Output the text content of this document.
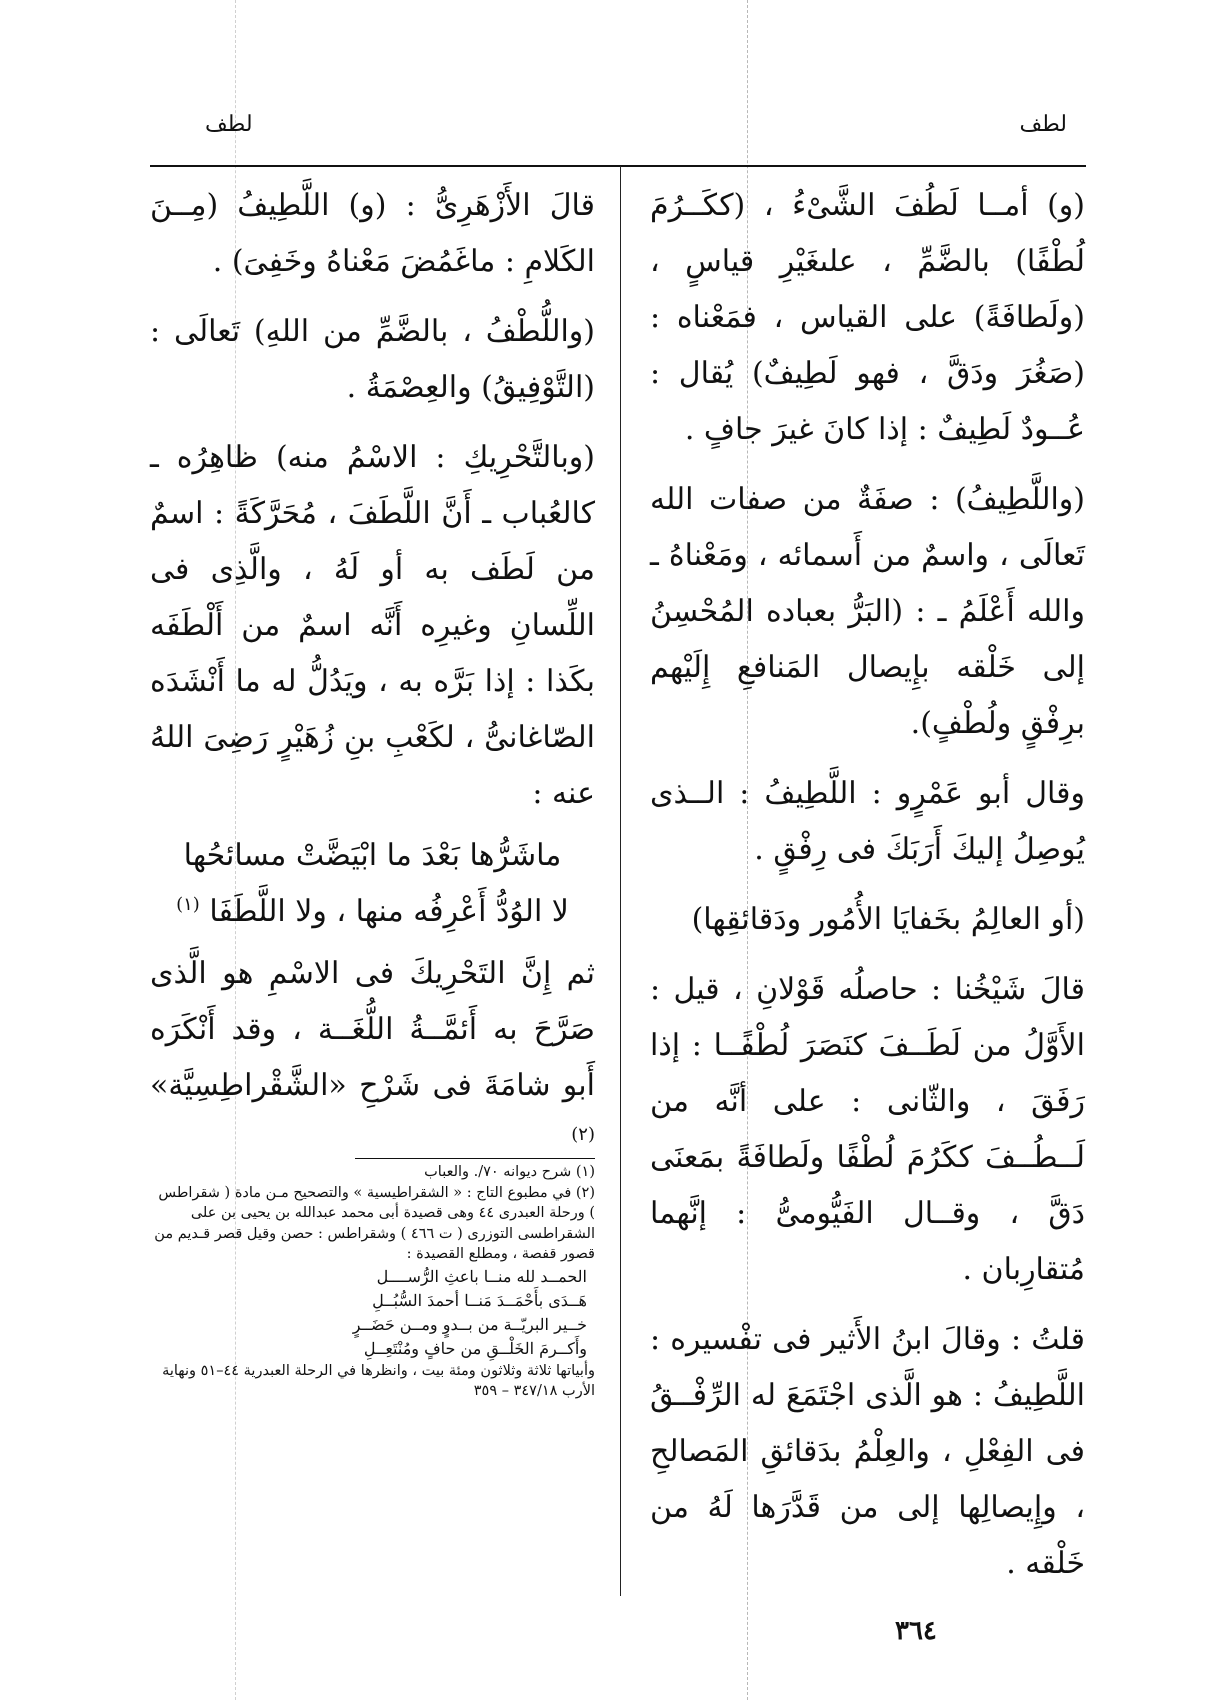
لطف
لطف

(و) أمــا لَطُفَ الشَّىْءُ ، (ككَــرُمَ لُطْفًا) بالضَّمِّ ، علىغَيْرِ قياسٍ ، (ولَطافَةً) على القياس ، فمَعْناه : (صَغُرَ ودَقَّ ، فهو لَطِيفٌ) يُقال : عُــودٌ لَطِيفٌ : إذا كانَ غيرَ جافٍ .

(واللَّطِيفُ) : صفَةٌ من صفات الله تَعالَى ، واسمٌ من أَسمائه ، ومَعْناهُ ـ والله أَعْلَمُ ـ : (البَرُّ بعباده المُحْسِنُ إلى خَلْقه بإِيصال المَنافعِ إِلَيْهم برِفْقٍ ولُطْفٍ).

وقال أبو عَمْرٍو : اللَّطِيفُ : الــذى يُوصِلُ إليكَ أَرَبَكَ فى رِفْقٍ .

(أو العالِمُ بخَفايَا الأُمُور ودَقائقِها)

قالَ شَيْخُنا : حاصلُه قَوْلانِ ، قيل : الأَوَّلُ من لَطَــفَ كنَصَرَ لُطْفًــا : إذا رَفَقَ ، والثّانى : على أنَّه من لَــطُــفَ ككَرُمَ لُطْفًا ولَطافَةً بمَعنَى دَقَّ ، وقــال الفَيُّومىُّ : إنَّهما مُتقارِبان .

قلتُ : وقالَ ابنُ الأَثير فى تفْسيره : اللَّطِيفُ : هو الَّذى اجْتَمَعَ له الرِّفْــقُ فى الفِعْلِ ، والعِلْمُ بدَقائقِ المَصالحِ ، وإِيصالِها إلى من قَدَّرَها لَهُ من خَلْقه .

قالَ الأَزْهَرِىُّ : (و) اللَّطِيفُ (مِــنَ الكَلامِ : ماغَمُضَ مَعْناهُ وخَفِىَ) .

(واللُّطْفُ ، بالضَّمِّ من اللهِ) تَعالَى : (التَّوْفِيقُ) والعِصْمَةُ .

(وبالتَّحْرِيكِ : الاسْمُ منه) ظاهِرُه ـ كالعُباب ـ أَنَّ اللَّطَفَ ، مُحَرَّكَةً : اسمٌ من لَطَف به أو لَهُ ، والَّذِى فى اللِّسانِ وغيرِه أَنَّه اسمٌ من أَلْطَفَه بكَذا : إذا بَرَّه به ، ويَدُلُّ له ما أَنْشَدَه الصّاغانىُّ ، لكَعْبِ بنِ زُهَيْرٍ رَضِىَ اللهُ عنه :

ماشَرُّها بَعْدَ ما ابْيَضَّتْ مسائحُها
لا الوُدُّ أَعْرِفُه منها ، ولا اللَّطَفَا $^{(١)}$

ثم إِنَّ التَحْرِيكَ فى الاسْمِ هو الَّذى صَرَّحَ به أَئمَّــةُ اللُّغَــة ، وقد أَنْكَرَه أَبو شامَةَ فى شَرْحِ «الشَّقْراطِسِيَّة» $^{(٢)}$

(١) شرح ديوانه ٧٠/. والعباب

(٢) في مطبوع التاج : « الشقراطيسية » والتصحيح مـن مادة ( شقراطس ) ورحلة العبدرى ٤٤ وهى قصيدة أبى محمد عبدالله بن يحيى بن على الشقراطسى التوزرى ( ت ٤٦٦ ) وشقراطس : حصن وقيل قصر قـديم من قصور قفصة ، ومطلع القصيدة :

الحمــد لله منــا باعثِ الرُّســــل

هَــدَى بأَحْمَــدَ مَنــا أحمدَ السُّبُــلِ

خــير البريّــة من بــدوٍ ومــن حَضَــرٍ

وأَكــرمَ الخَلْــقِ من حافٍ ومُنْتَعِــلِ

وأبياتها ثلاثة وثلاثون ومئة بيت ، وانظرها في الرحلة العبدرية ٤٤–٥١ ونهاية الأرب ٣٤٧/١٨ – ٣٥٩

٣٦٤
